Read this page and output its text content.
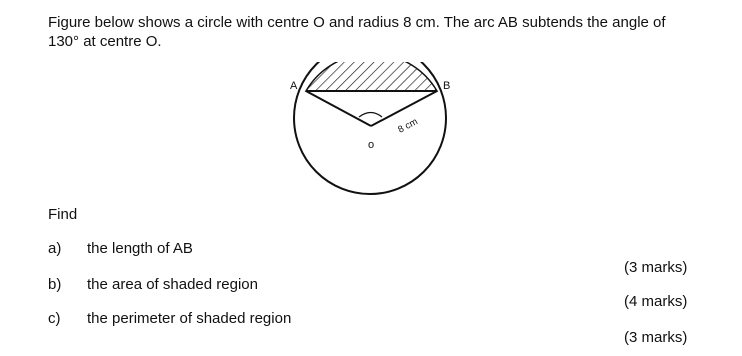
Figure below shows a circle with centre O and radius 8 cm. The arc AB subtends the angle of
130° at centre O.
A	B
o
8 cm
Find
a) the length of AB
(3 marks)
b) the area of shaded region
(4 marks)
c) the perimeter of shaded region
(3 marks)
